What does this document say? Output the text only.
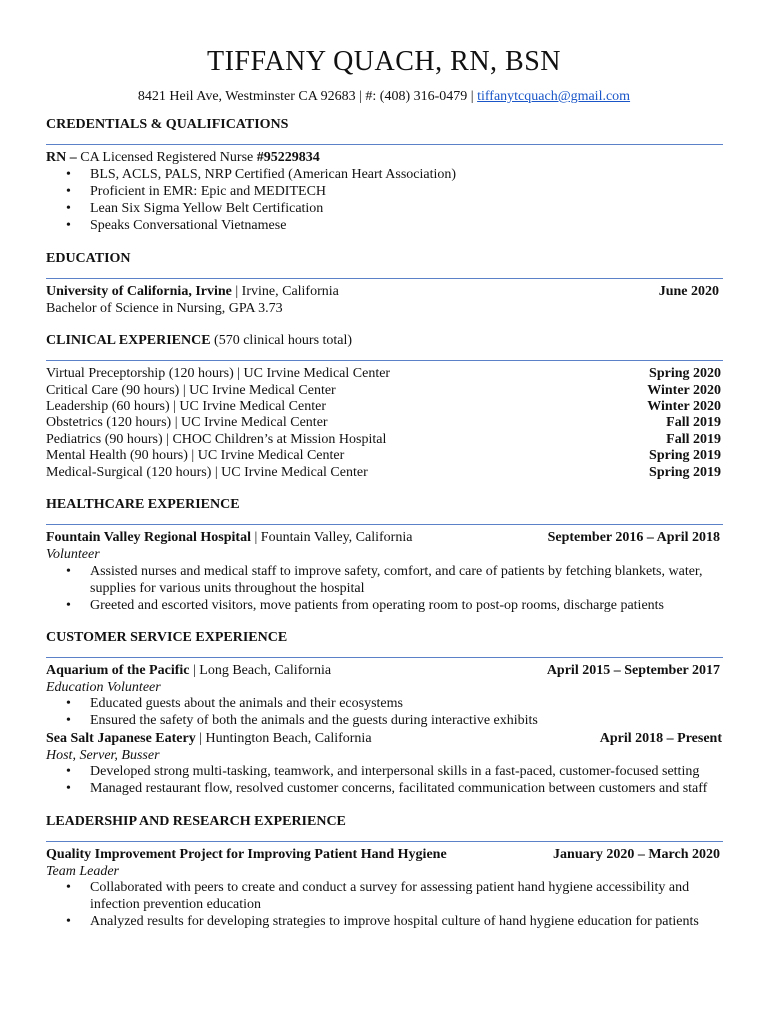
TIFFANY QUACH, RN, BSN
8421 Heil Ave, Westminster CA 92683 | #: (408) 316-0479 | tiffanytcquach@gmail.com
CREDENTIALS & QUALIFICATIONS
RN – CA Licensed Registered Nurse #95229834
• BLS, ACLS, PALS, NRP Certified (American Heart Association)
• Proficient in EMR: Epic and MEDITECH
• Lean Six Sigma Yellow Belt Certification
• Speaks Conversational Vietnamese
EDUCATION
University of California, Irvine | Irvine, California	June 2020
Bachelor of Science in Nursing, GPA 3.73
CLINICAL EXPERIENCE (570 clinical hours total)
Virtual Preceptorship (120 hours) | UC Irvine Medical Center	Spring 2020
Critical Care (90 hours) | UC Irvine Medical Center	Winter 2020
Leadership (60 hours) | UC Irvine Medical Center	Winter 2020
Obstetrics (120 hours) | UC Irvine Medical Center	Fall 2019
Pediatrics (90 hours) | CHOC Children’s at Mission Hospital	Fall 2019
Mental Health (90 hours) | UC Irvine Medical Center	Spring 2019
Medical-Surgical (120 hours) | UC Irvine Medical Center	Spring 2019
HEALTHCARE EXPERIENCE
Fountain Valley Regional Hospital | Fountain Valley, California	September 2016 – April 2018
Volunteer
• Assisted nurses and medical staff to improve safety, comfort, and care of patients by fetching blankets, water, supplies for various units throughout the hospital
• Greeted and escorted visitors, move patients from operating room to post-op rooms, discharge patients
CUSTOMER SERVICE EXPERIENCE
Aquarium of the Pacific | Long Beach, California	April 2015 – September 2017
Education Volunteer
• Educated guests about the animals and their ecosystems
• Ensured the safety of both the animals and the guests during interactive exhibits
Sea Salt Japanese Eatery | Huntington Beach, California	April 2018 – Present
Host, Server, Busser
• Developed strong multi-tasking, teamwork, and interpersonal skills in a fast-paced, customer-focused setting
• Managed restaurant flow, resolved customer concerns, facilitated communication between customers and staff
LEADERSHIP AND RESEARCH EXPERIENCE
Quality Improvement Project for Improving Patient Hand Hygiene	January 2020 – March 2020
Team Leader
• Collaborated with peers to create and conduct a survey for assessing patient hand hygiene accessibility and infection prevention education
• Analyzed results for developing strategies to improve hospital culture of hand hygiene education for patients
